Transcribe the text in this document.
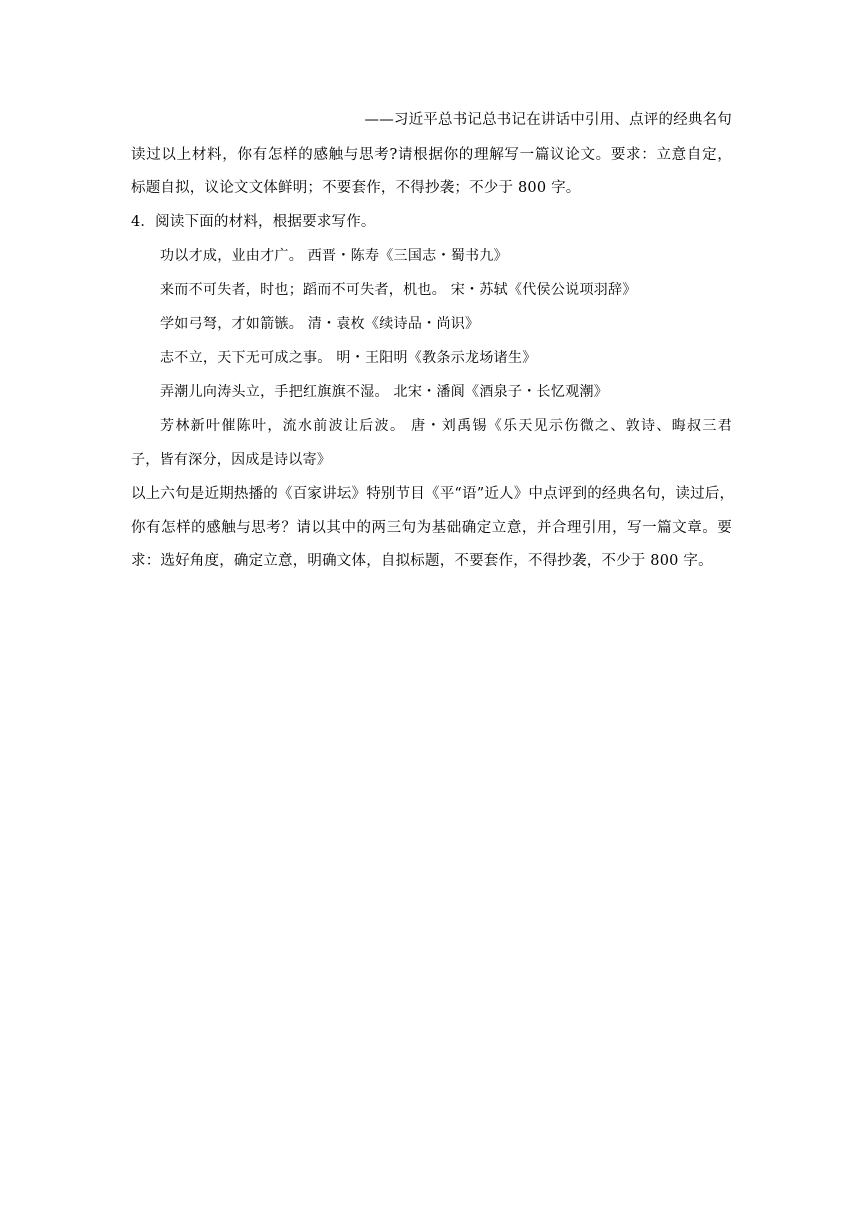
——习近平总书记总书记在讲话中引用、点评的经典名句
读过以上材料，你有怎样的感触与思考?请根据你的理解写一篇议论文。要求：立意自定，
标题自拟，议论文文体鲜明；不要套作，不得抄袭；不少于 800 字。
4．阅读下面的材料，根据要求写作。
功以才成，业由才广。 西晋・陈寿《三国志・蜀书九》
来而不可失者，时也；蹈而不可失者，机也。 宋・苏轼《代侯公说项羽辞》
学如弓弩，才如箭镞。 清・袁枚《续诗品・尚识》
志不立，天下无可成之事。 明・王阳明《教条示龙场诸生》
弄潮儿向涛头立，手把红旗旗不湿。 北宋・潘阆《酒泉子・长忆观潮》
芳林新叶催陈叶，流水前波让后波。 唐・刘禹锡《乐天见示伤微之、敦诗、晦叔三君
子，皆有深分，因成是诗以寄》
以上六句是近期热播的《百家讲坛》特别节目《平“语”近人》中点评到的经典名句，读过后，
你有怎样的感触与思考？请以其中的两三句为基础确定立意，并合理引用，写一篇文章。要
求：选好角度，确定立意，明确文体，自拟标题，不要套作，不得抄袭，不少于 800 字。
